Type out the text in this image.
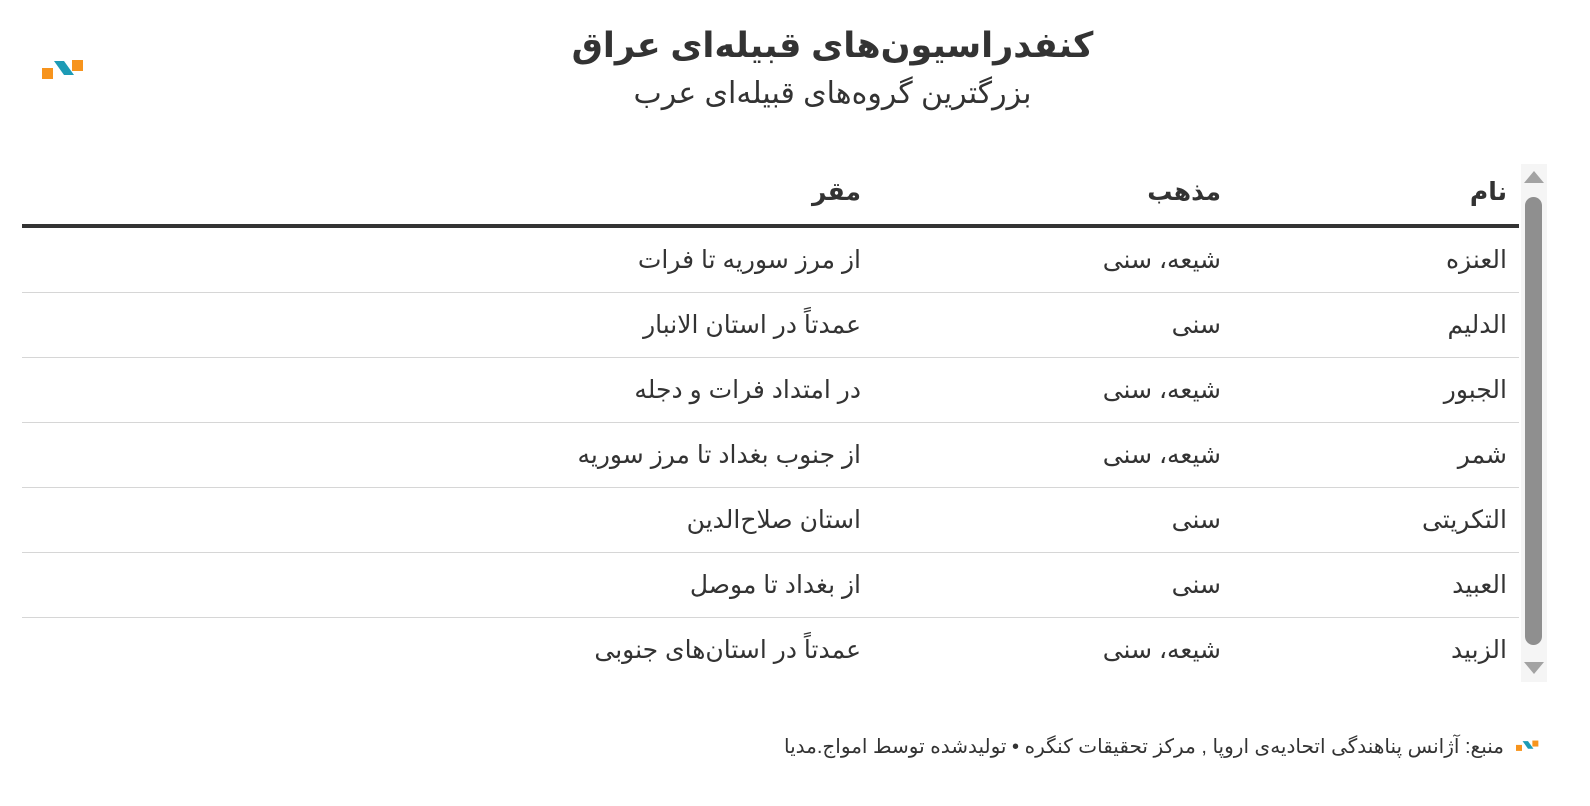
کنفدراسیون‌های قبیله‌ای عراق
بزرگترین گروه‌های قبیله‌ای عرب
نام	مذهب	مقر
العنزه	شیعه، سنی	از مرز سوریه تا فرات
الدلیم	سنی	عمدتاً در استان الانبار
الجبور	شیعه، سنی	در امتداد فرات و دجله
شمر	شیعه، سنی	از جنوب بغداد تا مرز سوریه
التکریتی	سنی	استان صلاح‌الدین
العبید	سنی	از بغداد تا موصل
الزبید	شیعه، سنی	عمدتاً در استان‌های جنوبی
منبع: آژانس پناهندگی اتحادیه‌ی اروپا , مرکز تحقیقات کنگره • تولیدشده توسط امواج.مدیا
